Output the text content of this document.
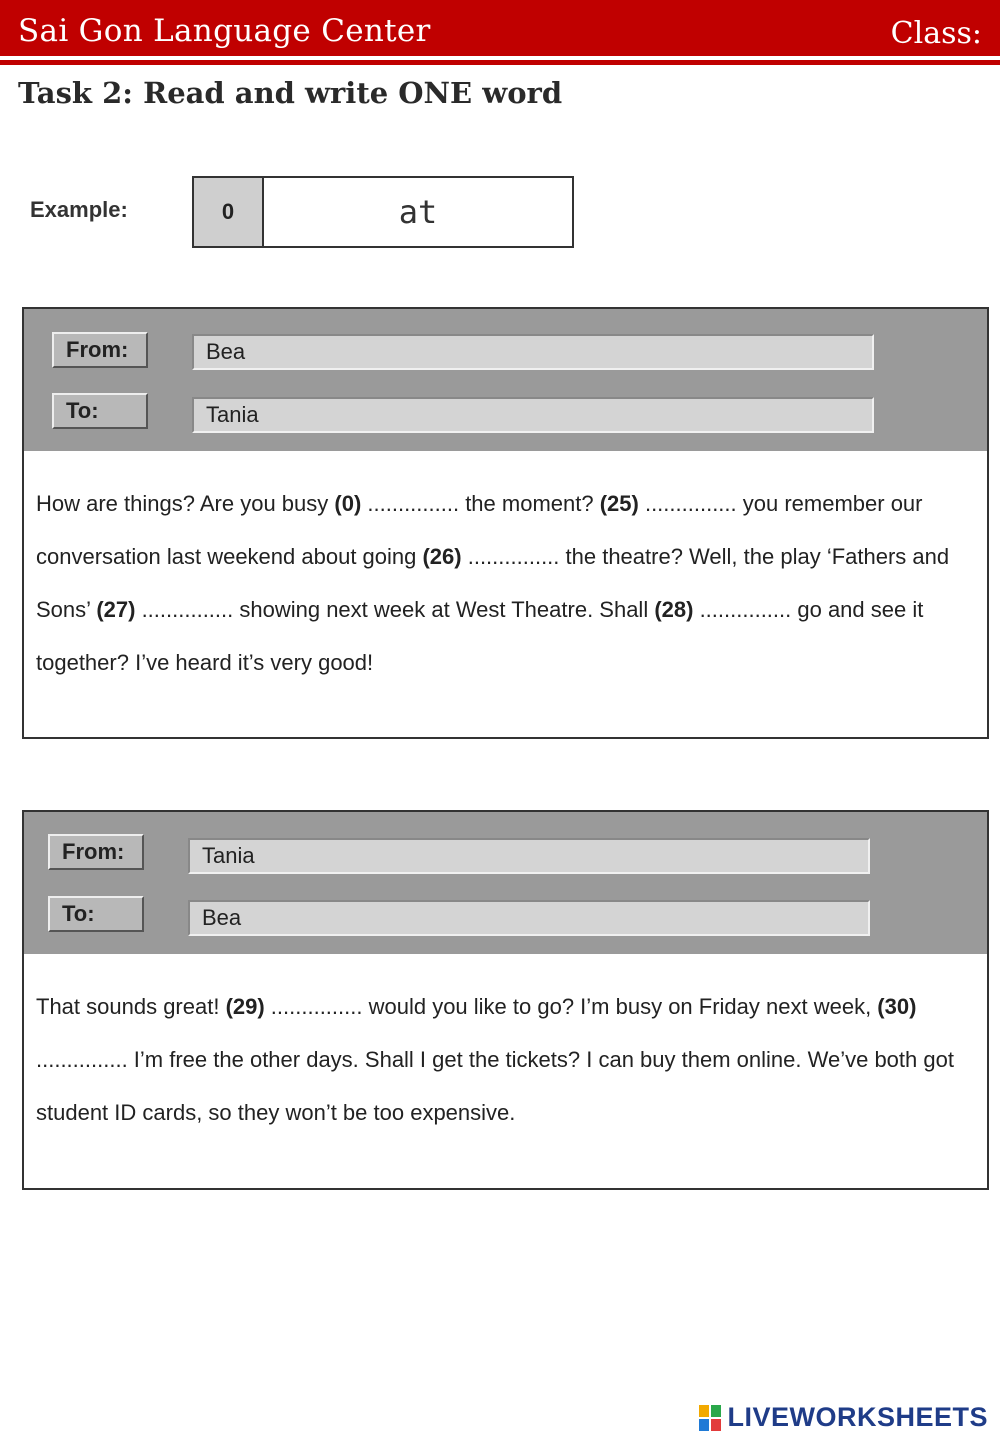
Sai Gon Language Center	Class:
Task 2: Read and write ONE word
Example:	0	at
From:	Bea
To:	Tania
How are things? Are you busy (0) ............... the moment? (25) ............... you remember our conversation last weekend about going (26) ............... the theatre? Well, the play ‘Fathers and Sons’ (27) ............... showing next week at West Theatre. Shall (28) ............... go and see it together? I’ve heard it’s very good!
From:	Tania
To:	Bea
That sounds great! (29) ............... would you like to go? I’m busy on Friday next week, (30) ............... I’m free the other days. Shall I get the tickets? I can buy them online. We’ve both got student ID cards, so they won’t be too expensive.
LIVEWORKSHEETS
